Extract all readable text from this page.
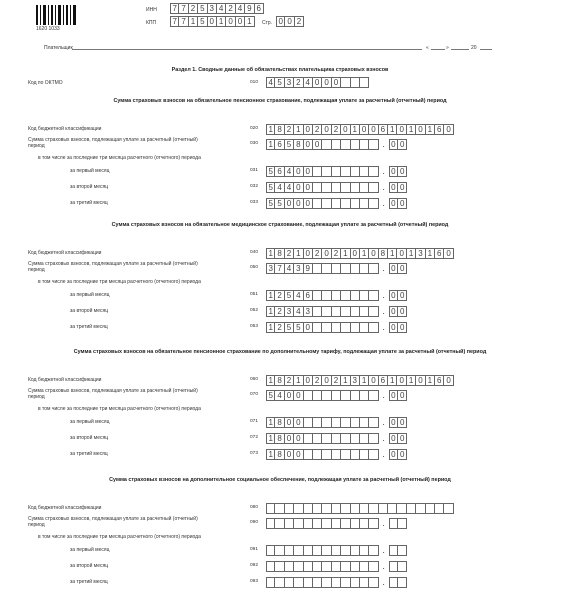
1620 1033
ИНН	7 7 2 5 3 4 2 4 9 6
КПП	7 7 1 5 0 1 0 0 1	Стр. 0 0 2
Плательщик	«	»	20
Раздел 1. Сводные данные об обязательствах плательщика страховых взносов
Код по ОКТМО	010	4 5 3 2 4 0 0 0
Сумма страховых взносов на обязательное пенсионное страхование, подлежащая уплате за расчетный (отчетный) период
Код бюджетной классификации	020	1 8 2 1 0 2 0 2 0 1 0 0 6 1 0 1 0 1 6 0
Сумма страховых взносов, подлежащая уплате за расчетный (отчетный) период	030	1 6 5 8 0 0	. 0 0
в том числе за последние три месяца расчетного (отчетного) периода
за первый месяц	031	5 6 4 0 0	. 0 0
за второй месяц	032	5 4 4 0 0	. 0 0
за третий месяц	033	5 5 0 0 0	. 0 0
Сумма страховых взносов на обязательное медицинское страхование, подлежащая уплате за расчетный (отчетный) период
Код бюджетной классификации	040	1 8 2 1 0 2 0 2 1 0 1 0 8 1 0 1 3 1 6 0
Сумма страховых взносов, подлежащая уплате за расчетный (отчетный) период	050	3 7 4 3 9	. 0 0
в том числе за последние три месяца расчетного (отчетного) периода
за первый месяц	051	1 2 5 4 6	. 0 0
за второй месяц	052	1 2 3 4 3	. 0 0
за третий месяц	053	1 2 5 5 0	. 0 0
Сумма страховых взносов на обязательное пенсионное страхование по дополнительному тарифу, подлежащая уплате за расчетный (отчетный) период
Код бюджетной классификации	060	1 8 2 1 0 2 0 2 1 3 1 0 6 1 0 1 0 1 6 0
Сумма страховых взносов, подлежащая уплате за расчетный (отчетный) период	070	5 4 0 0	. 0 0
в том числе за последние три месяца расчетного (отчетного) периода
за первый месяц	071	1 8 0 0	. 0 0
за второй месяц	072	1 8 0 0	. 0 0
за третий месяц	073	1 8 0 0	. 0 0
Сумма страховых взносов на дополнительное социальное обеспечение, подлежащая уплате за расчетный (отчетный) период
Код бюджетной классификации	080
Сумма страховых взносов, подлежащая уплате за расчетный (отчетный) период	090	.
в том числе за последние три месяца расчетного (отчетного) периода
за первый месяц	091	.
за второй месяц	092	.
за третий месяц	093	.
